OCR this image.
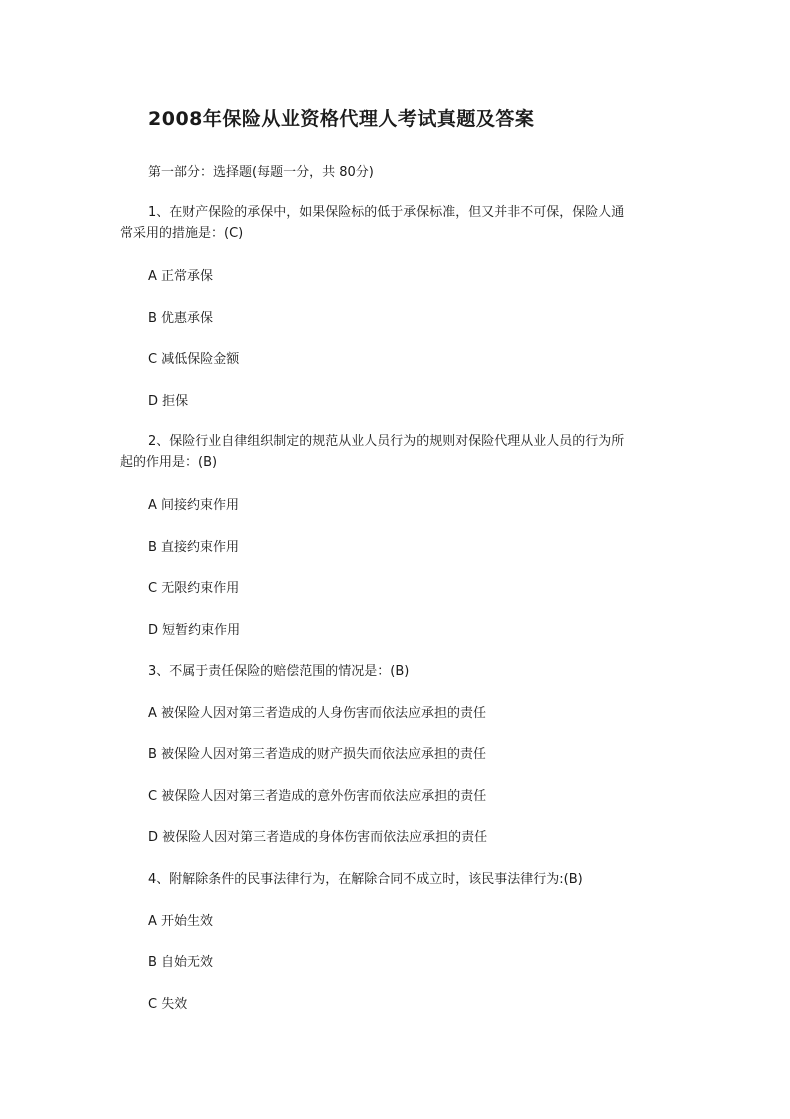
2008年保险从业资格代理人考试真题及答案
第一部分：选择题(每题一分，共 80分)
1、在财产保险的承保中，如果保险标的低于承保标准，但又并非不可保，保险人通
常采用的措施是：(C)
A 正常承保
B 优惠承保
C 减低保险金额
D 拒保
2、保险行业自律组织制定的规范从业人员行为的规则对保险代理从业人员的行为所
起的作用是：(B)
A 间接约束作用
B 直接约束作用
C 无限约束作用
D 短暂约束作用
3、不属于责任保险的赔偿范围的情况是：(B)
A 被保险人因对第三者造成的人身伤害而依法应承担的责任
B 被保险人因对第三者造成的财产损失而依法应承担的责任
C 被保险人因对第三者造成的意外伤害而依法应承担的责任
D 被保险人因对第三者造成的身体伤害而依法应承担的责任
4、附解除条件的民事法律行为，在解除合同不成立时，该民事法律行为:(B)
A 开始生效
B 自始无效
C 失效
